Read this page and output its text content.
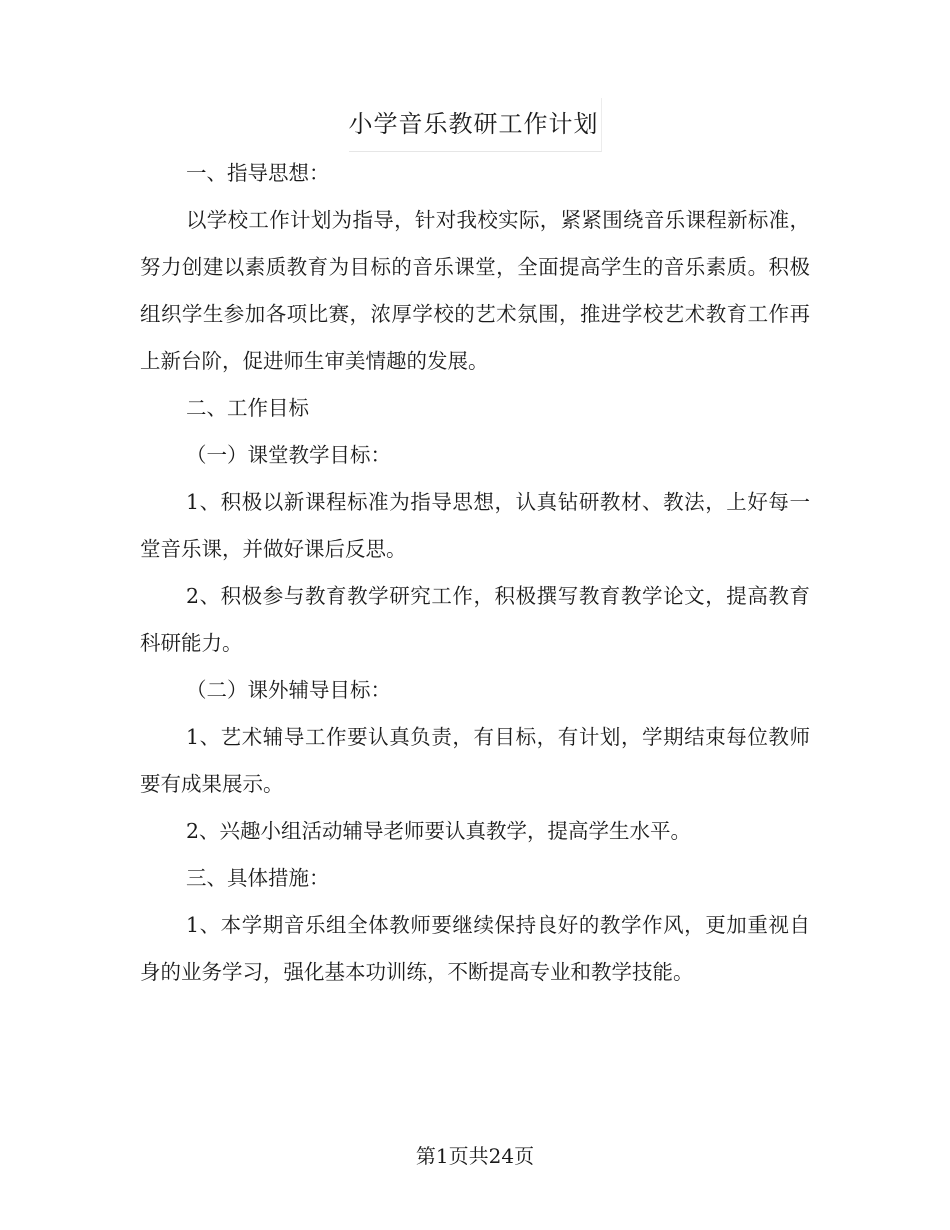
小学音乐教研工作计划

一、指导思想：

以学校工作计划为指导，针对我校实际，紧紧围绕音乐课程新标准，努力创建以素质教育为目标的音乐课堂，全面提高学生的音乐素质。积极组织学生参加各项比赛，浓厚学校的艺术氛围，推进学校艺术教育工作再上新台阶，促进师生审美情趣的发展。

二、工作目标

（一）课堂教学目标：

1、积极以新课程标准为指导思想，认真钻研教材、教法，上好每一堂音乐课，并做好课后反思。

2、积极参与教育教学研究工作，积极撰写教育教学论文，提高教育科研能力。

（二）课外辅导目标：

1、艺术辅导工作要认真负责，有目标，有计划，学期结束每位教师要有成果展示。

2、兴趣小组活动辅导老师要认真教学，提高学生水平。

三、具体措施：

1、本学期音乐组全体教师要继续保持良好的教学作风，更加重视自身的业务学习，强化基本功训练，不断提高专业和教学技能。

第1页共24页
